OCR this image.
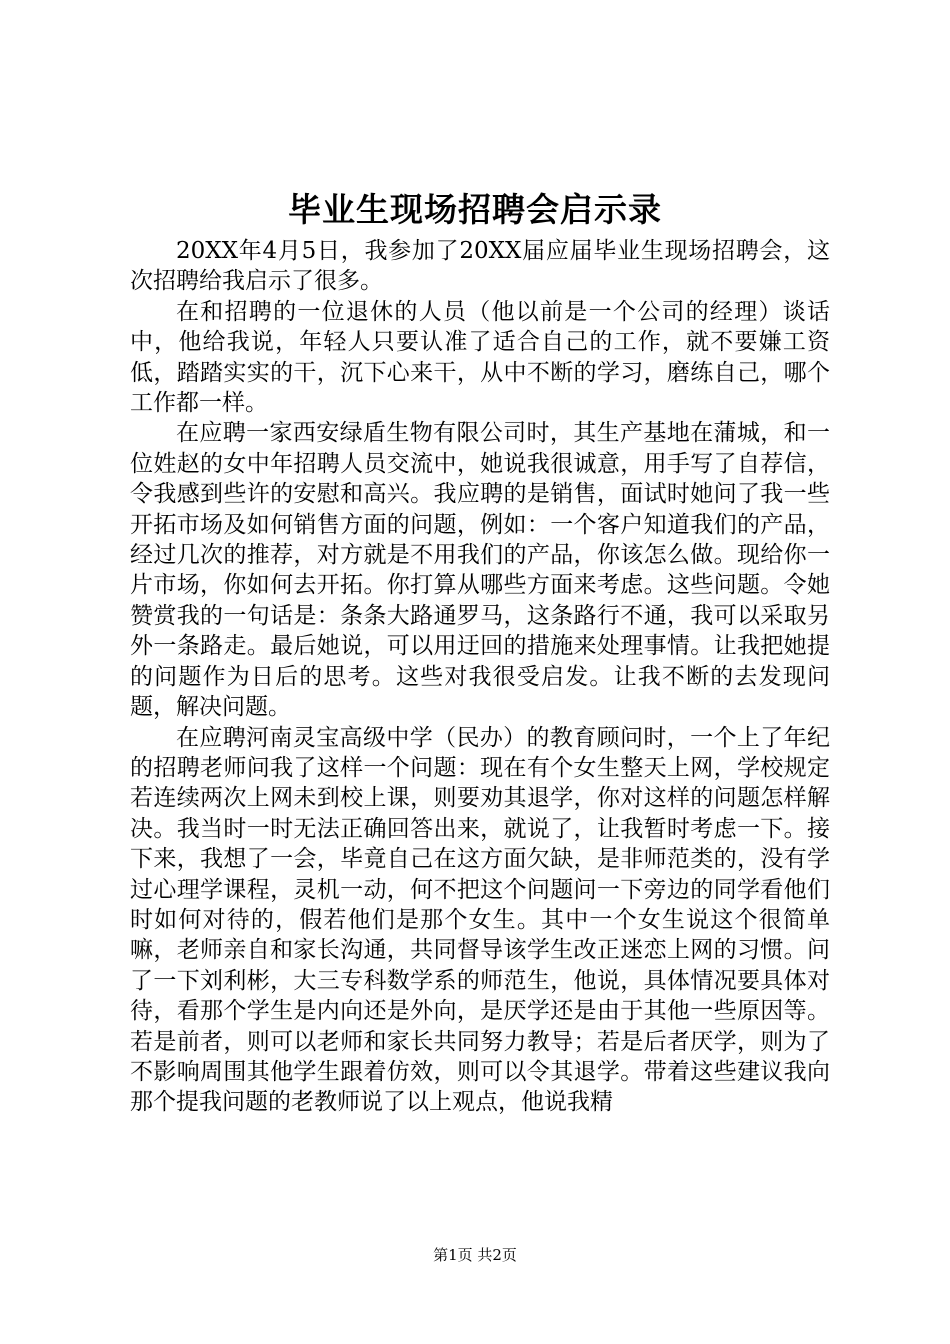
毕业生现场招聘会启示录

20XX年4月5日，我参加了20XX届应届毕业生现场招聘会，这次招聘给我启示了很多。

在和招聘的一位退休的人员（他以前是一个公司的经理）谈话中，他给我说，年轻人只要认准了适合自己的工作，就不要嫌工资低，踏踏实实的干，沉下心来干，从中不断的学习，磨练自己，哪个工作都一样。

在应聘一家西安绿盾生物有限公司时，其生产基地在蒲城，和一位姓赵的女中年招聘人员交流中，她说我很诚意，用手写了自荐信，令我感到些许的安慰和高兴。我应聘的是销售，面试时她问了我一些开拓市场及如何销售方面的问题，例如：一个客户知道我们的产品，经过几次的推荐，对方就是不用我们的产品，你该怎么做。现给你一片市场，你如何去开拓。你打算从哪些方面来考虑。这些问题。令她赞赏我的一句话是：条条大路通罗马，这条路行不通，我可以采取另外一条路走。最后她说，可以用迂回的措施来处理事情。让我把她提的问题作为日后的思考。这些对我很受启发。让我不断的去发现问题，解决问题。

在应聘河南灵宝高级中学（民办）的教育顾问时，一个上了年纪的招聘老师问我了这样一个问题：现在有个女生整天上网，学校规定若连续两次上网未到校上课，则要劝其退学，你对这样的问题怎样解决。我当时一时无法正确回答出来，就说了，让我暂时考虑一下。接下来，我想了一会，毕竟自己在这方面欠缺，是非师范类的，没有学过心理学课程，灵机一动，何不把这个问题问一下旁边的同学看他们时如何对待的，假若他们是那个女生。其中一个女生说这个很简单嘛，老师亲自和家长沟通，共同督导该学生改正迷恋上网的习惯。问了一下刘利彬，大三专科数学系的师范生，他说，具体情况要具体对待，看那个学生是内向还是外向，是厌学还是由于其他一些原因等。若是前者，则可以老师和家长共同努力教导；若是后者厌学，则为了不影响周围其他学生跟着仿效，则可以令其退学。带着这些建议我向那个提我问题的老教师说了以上观点，他说我精

第1页 共2页
